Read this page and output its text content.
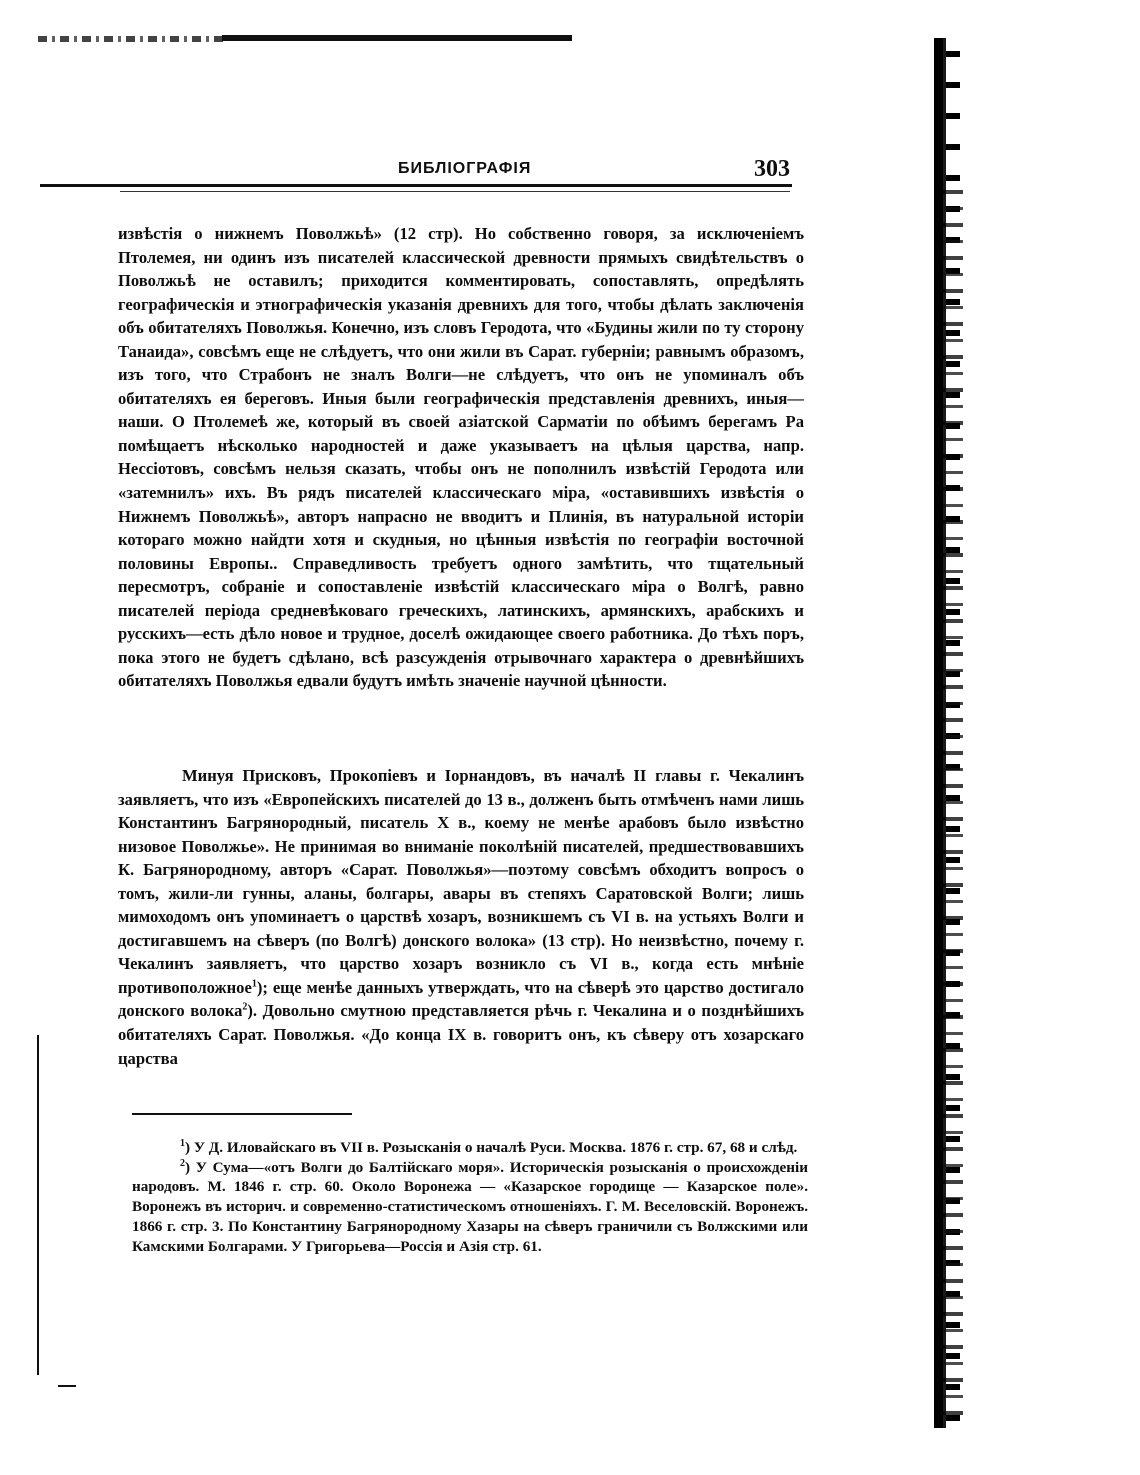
БИБЛIОГРАФIЯ	303

извѣстія о нижнемъ Поволжьѣ» (12 стр). Но собственно говоря, за исключеніемъ Птолемея, ни одинъ изъ писателей классической древности прямыхъ свидѣтельствъ о Поволжьѣ не оставилъ; приходится комментировать, сопоставлять, опредѣлять географическія и этнографическія указанія древнихъ для того, чтобы дѣлать заключенія объ обитателяхъ Поволжья. Конечно, изъ словъ Геродота, что «Будины жили по ту сторону Танаида», совсѣмъ еще не слѣдуетъ, что они жили въ Сарат. губерніи; равнымъ образомъ, изъ того, что Страбонъ не зналъ Волги—не слѣдуетъ, что онъ не упоминалъ объ обитателяхъ ея береговъ. Иныя были географическія представленія древнихъ, иныя—наши. О Птолемеѣ же, который въ своей азіатской Сарматіи по обѣимъ берегамъ Ра помѣщаетъ нѣсколько народностей и даже указываетъ на цѣлыя царства, напр. Нессіотовъ, совсѣмъ нельзя сказать, чтобы онъ не пополнилъ извѣстій Геродота или «затемнилъ» ихъ. Въ рядъ писателей классическаго міра, «оставившихъ извѣстія о Нижнемъ Поволжьѣ», авторъ напрасно не вводитъ и Плинія, въ натуральной исторіи котораго можно найдти хотя и скудныя, но цѣнныя извѣстія по географіи восточной половины Европы.. Справедливость требуетъ одного замѣтить, что тщательный пересмотръ, собраніе и сопоставленіе извѣстій классическаго міра о Волгѣ, равно писателей періода средневѣковаго греческихъ, латинскихъ, армянскихъ, арабскихъ и русскихъ—есть дѣло новое и трудное, доселѣ ожидающее своего работника. До тѣхъ поръ, пока этого не будетъ сдѣлано, всѣ разсужденія отрывочнаго характера о древнѣйшихъ обитателяхъ Поволжья едвали будутъ имѣть значеніе научной цѣнности.

Минуя Присковъ, Прокопіевъ и Іорнандовъ, въ началѣ II главы г. Чекалинъ заявляетъ, что изъ «Европейскихъ писателей до 13 в., долженъ быть отмѣченъ нами лишь Константинъ Багрянородный, писатель X в., коему не менѣе арабовъ было извѣстно низовое Поволжье». Не принимая во вниманіе поколѣній писателей, предшествовавшихъ К. Багрянородному, авторъ «Сарат. Поволжья»—поэтому совсѣмъ обходитъ вопросъ о томъ, жили-ли гунны, аланы, болгары, авары въ степяхъ Саратовской Волги; лишь мимоходомъ онъ упоминаетъ о царствѣ хозаръ, возникшемъ съ VI в. на устьяхъ Волги и достигавшемъ на сѣверъ (по Волгѣ) донского волока» (13 стр). Но неизвѣстно, почему г. Чекалинъ заявляетъ, что царство хозаръ возникло съ VI в., когда есть мнѣніе противоположное$^1$); еще менѣе данныхъ утверждать, что на сѣверѣ это царство достигало донского волока$^2$). Довольно смутною представляется рѣчь г. Чекалина и о позднѣйшихъ обитателяхъ Сарат. Поволжья. «До конца IX в. говоритъ онъ, къ сѣверу отъ хозарскаго царства

$^1$) У Д. Иловайскаго въ VII в. Розысканія о началѣ Руси. Москва. 1876 г. стр. 67, 68 и слѣд.

$^2$) У Сума—«отъ Волги до Балтійскаго моря». Историческія розысканія о происхожденіи народовъ. М. 1846 г. стр. 60. Около Воронежа — «Казарское городище — Казарское поле». Воронежъ въ историч. и современно-статистическомъ отношеніяхъ. Г. М. Веселовскій. Воронежъ. 1866 г. стр. 3. По Константину Багрянородному Хазары на сѣверъ граничили съ Волжскими или Камскими Болгарами. У Григорьева—Россія и Азія стр. 61.
